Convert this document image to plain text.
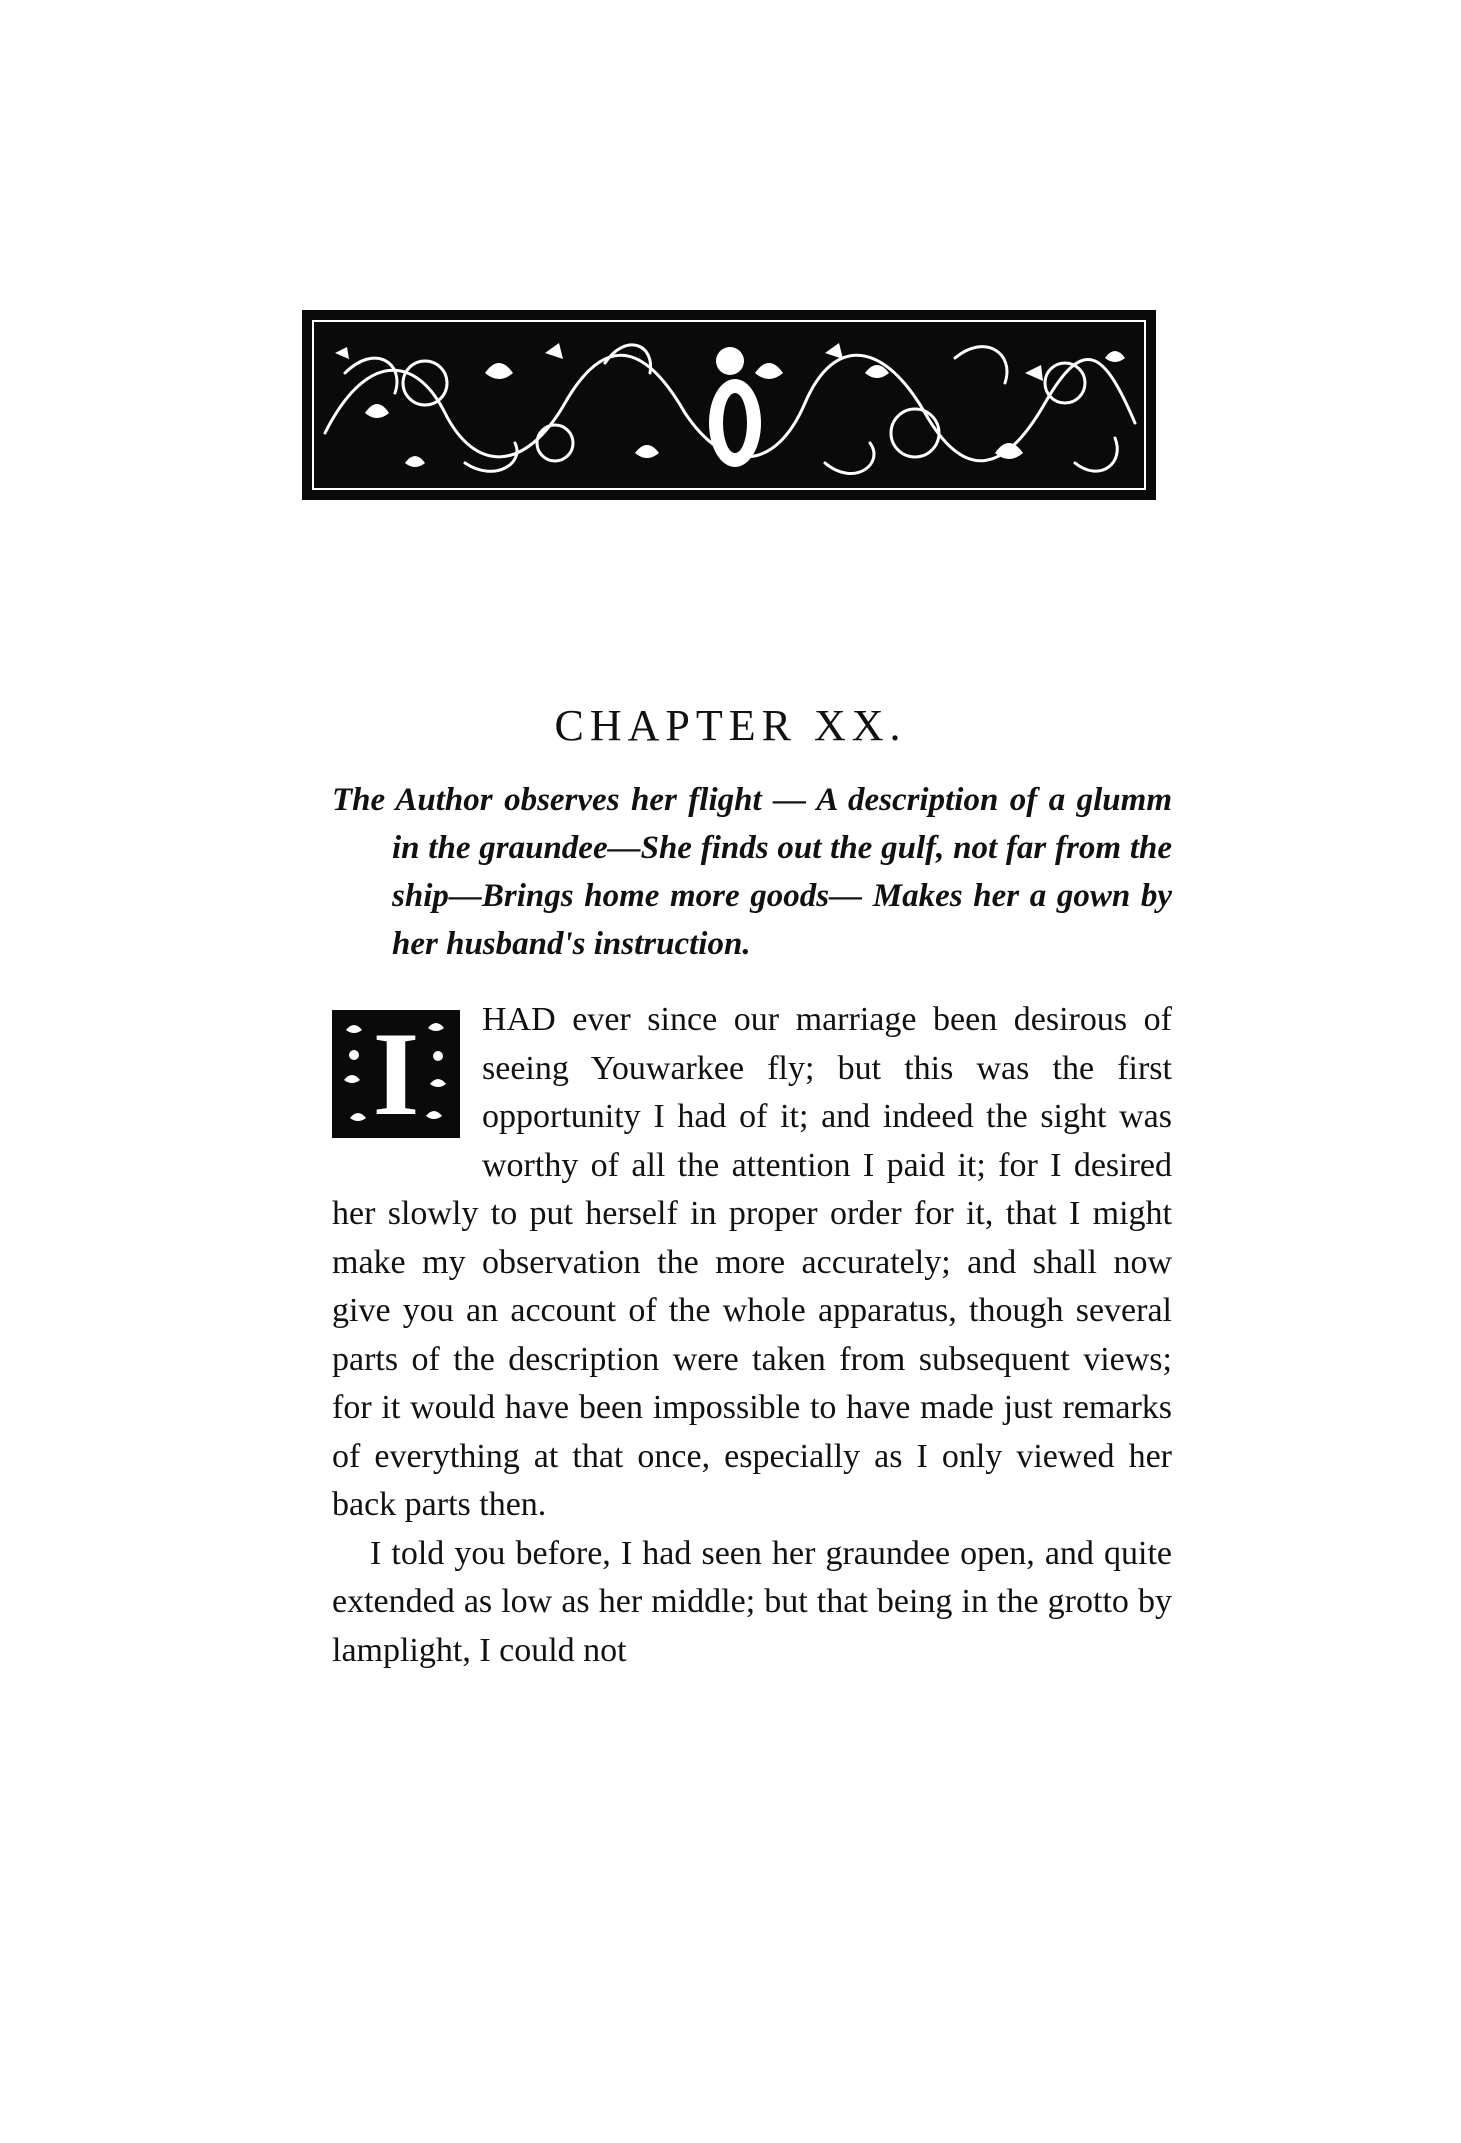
CHAPTER XX.
The Author observes her flight — A description of a glumm in the graundee—She finds out the gulf, not far from the ship—Brings home more goods— Makes her a gown by her husband's instruction.

I	HAD ever since our marriage been desirous of seeing Youwarkee fly; but this was the first opportunity I had of it; and indeed the sight was worthy of all the attention I paid it; for I desired her slowly to put herself in proper order for it, that I might make my observation the more accurately; and shall now give you an account of the whole apparatus, though several parts of the description were taken from subsequent views; for it would have been impossible to have made just remarks of everything at that once, especially as I only viewed her back parts then.

I told you before, I had seen her graundee open, and quite extended as low as her middle; but that being in the grotto by lamplight, I could not
